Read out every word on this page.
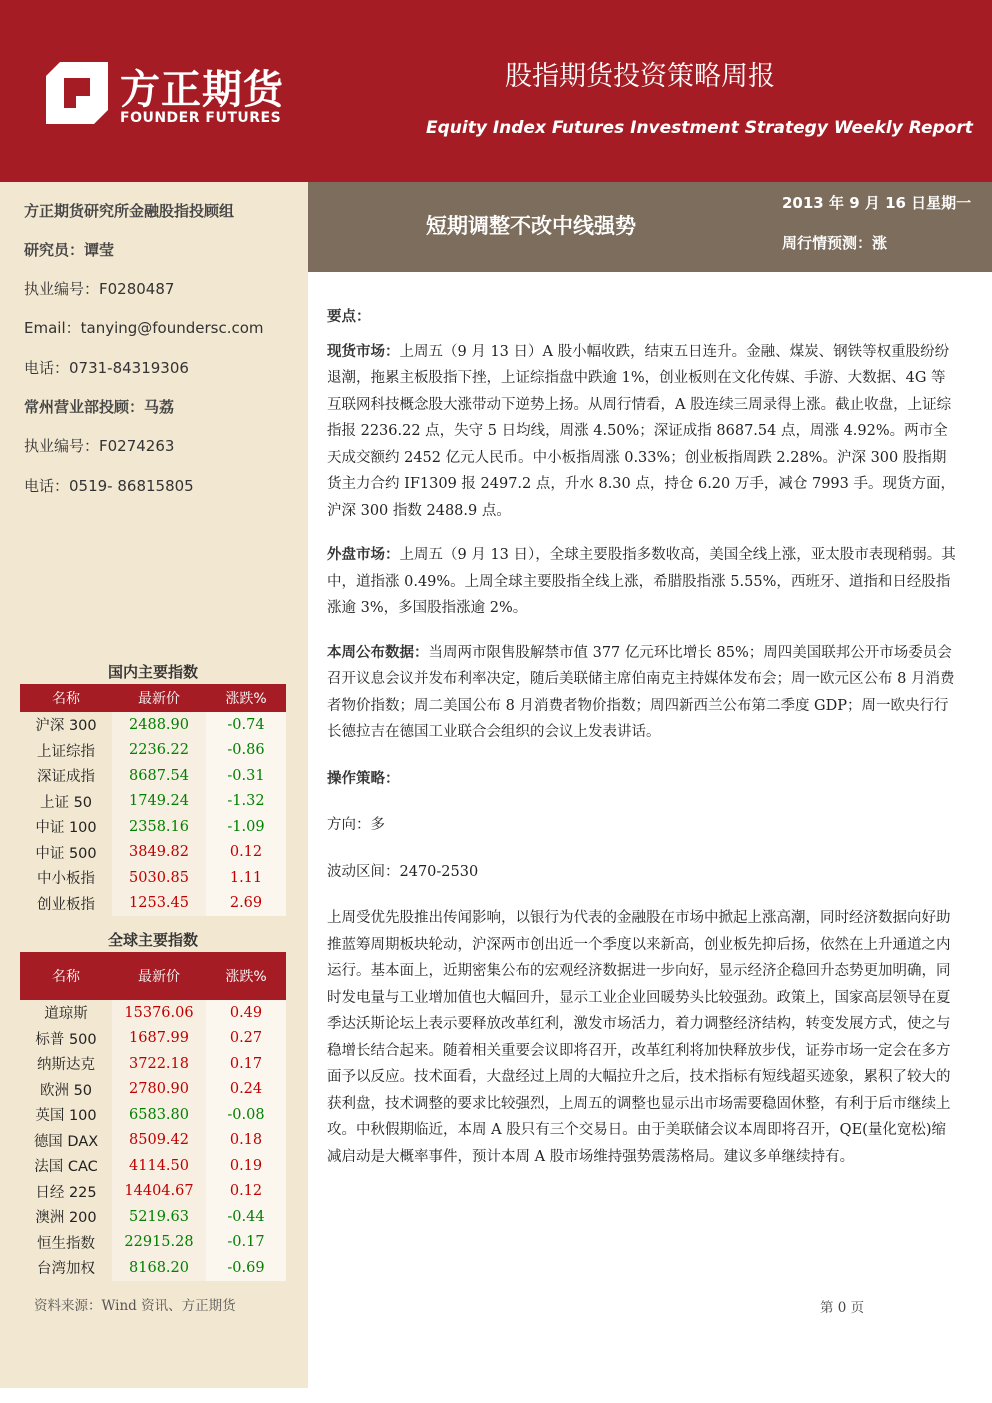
方正期货
FOUNDER FUTURES
股指期货投资策略周报
Equity Index Futures Investment Strategy Weekly Report
短期调整不改中线强势
2013 年 9 月 16 日星期一
周行情预测：涨
方正期货研究所金融股指投顾组
研究员：谭莹
执业编号：F0280487
Email：tanying@foundersc.com
电话：0731-84319306
常州营业部投顾：马荔
执业编号：F0274263
电话：0519- 86815805
国内主要指数
名称	最新价	涨跌%
沪深 300	2488.90	-0.74
上证综指	2236.22	-0.86
深证成指	8687.54	-0.31
上证 50	1749.24	-1.32
中证 100	2358.16	-1.09
中证 500	3849.82	0.12
中小板指	5030.85	1.11
创业板指	1253.45	2.69
全球主要指数
名称	最新价	涨跌%
道琼斯	15376.06	0.49
标普 500	1687.99	0.27
纳斯达克	3722.18	0.17
欧洲 50	2780.90	0.24
英国 100	6583.80	-0.08
德国 DAX	8509.42	0.18
法国 CAC	4114.50	0.19
日经 225	14404.67	0.12
澳洲 200	5219.63	-0.44
恒生指数	22915.28	-0.17
台湾加权	8168.20	-0.69
资料来源：Wind 资讯、方正期货	第 0 页

要点：

现货市场：上周五（9 月 13 日）A 股小幅收跌，结束五日连升。金融、煤炭、钢铁等权重股纷纷退潮，拖累主板股指下挫，上证综指盘中跌逾 1%，创业板则在文化传媒、手游、大数据、4G 等互联网科技概念股大涨带动下逆势上扬。从周行情看，A 股连续三周录得上涨。截止收盘，上证综指报 2236.22 点，失守 5 日均线，周涨 4.50%；深证成指 8687.54 点，周涨 4.92%。两市全天成交额约 2452 亿元人民币。中小板指周涨 0.33%；创业板指周跌 2.28%。沪深 300 股指期货主力合约 IF1309 报 2497.2 点，升水 8.30 点，持仓 6.20 万手，减仓 7993 手。现货方面，沪深 300 指数 2488.9 点。

外盘市场：上周五（9 月 13 日），全球主要股指多数收高，美国全线上涨，亚太股市表现稍弱。其中，道指涨 0.49%。上周全球主要股指全线上涨，希腊股指涨 5.55%，西班牙、道指和日经股指涨逾 3%，多国股指涨逾 2%。

本周公布数据：当周两市限售股解禁市值 377 亿元环比增长 85%；周四美国联邦公开市场委员会召开议息会议并发布利率决定，随后美联储主席伯南克主持媒体发布会；周一欧元区公布 8 月消费者物价指数；周二美国公布 8 月消费者物价指数；周四新西兰公布第二季度 GDP；周一欧央行行长德拉吉在德国工业联合会组织的会议上发表讲话。

操作策略：

方向：多

波动区间：2470-2530

上周受优先股推出传闻影响，以银行为代表的金融股在市场中掀起上涨高潮，同时经济数据向好助推蓝筹周期板块轮动，沪深两市创出近一个季度以来新高，创业板先抑后扬，依然在上升通道之内运行。基本面上，近期密集公布的宏观经济数据进一步向好，显示经济企稳回升态势更加明确，同时发电量与工业增加值也大幅回升，显示工业企业回暖势头比较强劲。政策上，国家高层领导在夏季达沃斯论坛上表示要释放改革红利，激发市场活力，着力调整经济结构，转变发展方式，使之与稳增长结合起来。随着相关重要会议即将召开，改革红利将加快释放步伐，证券市场一定会在多方面予以反应。技术面看，大盘经过上周的大幅拉升之后，技术指标有短线超买迹象，累积了较大的获利盘，技术调整的要求比较强烈，上周五的调整也显示出市场需要稳固休整，有利于后市继续上攻。中秋假期临近，本周 A 股只有三个交易日。由于美联储会议本周即将召开，QE(量化宽松)缩减启动是大概率事件，预计本周 A 股市场维持强势震荡格局。建议多单继续持有。
